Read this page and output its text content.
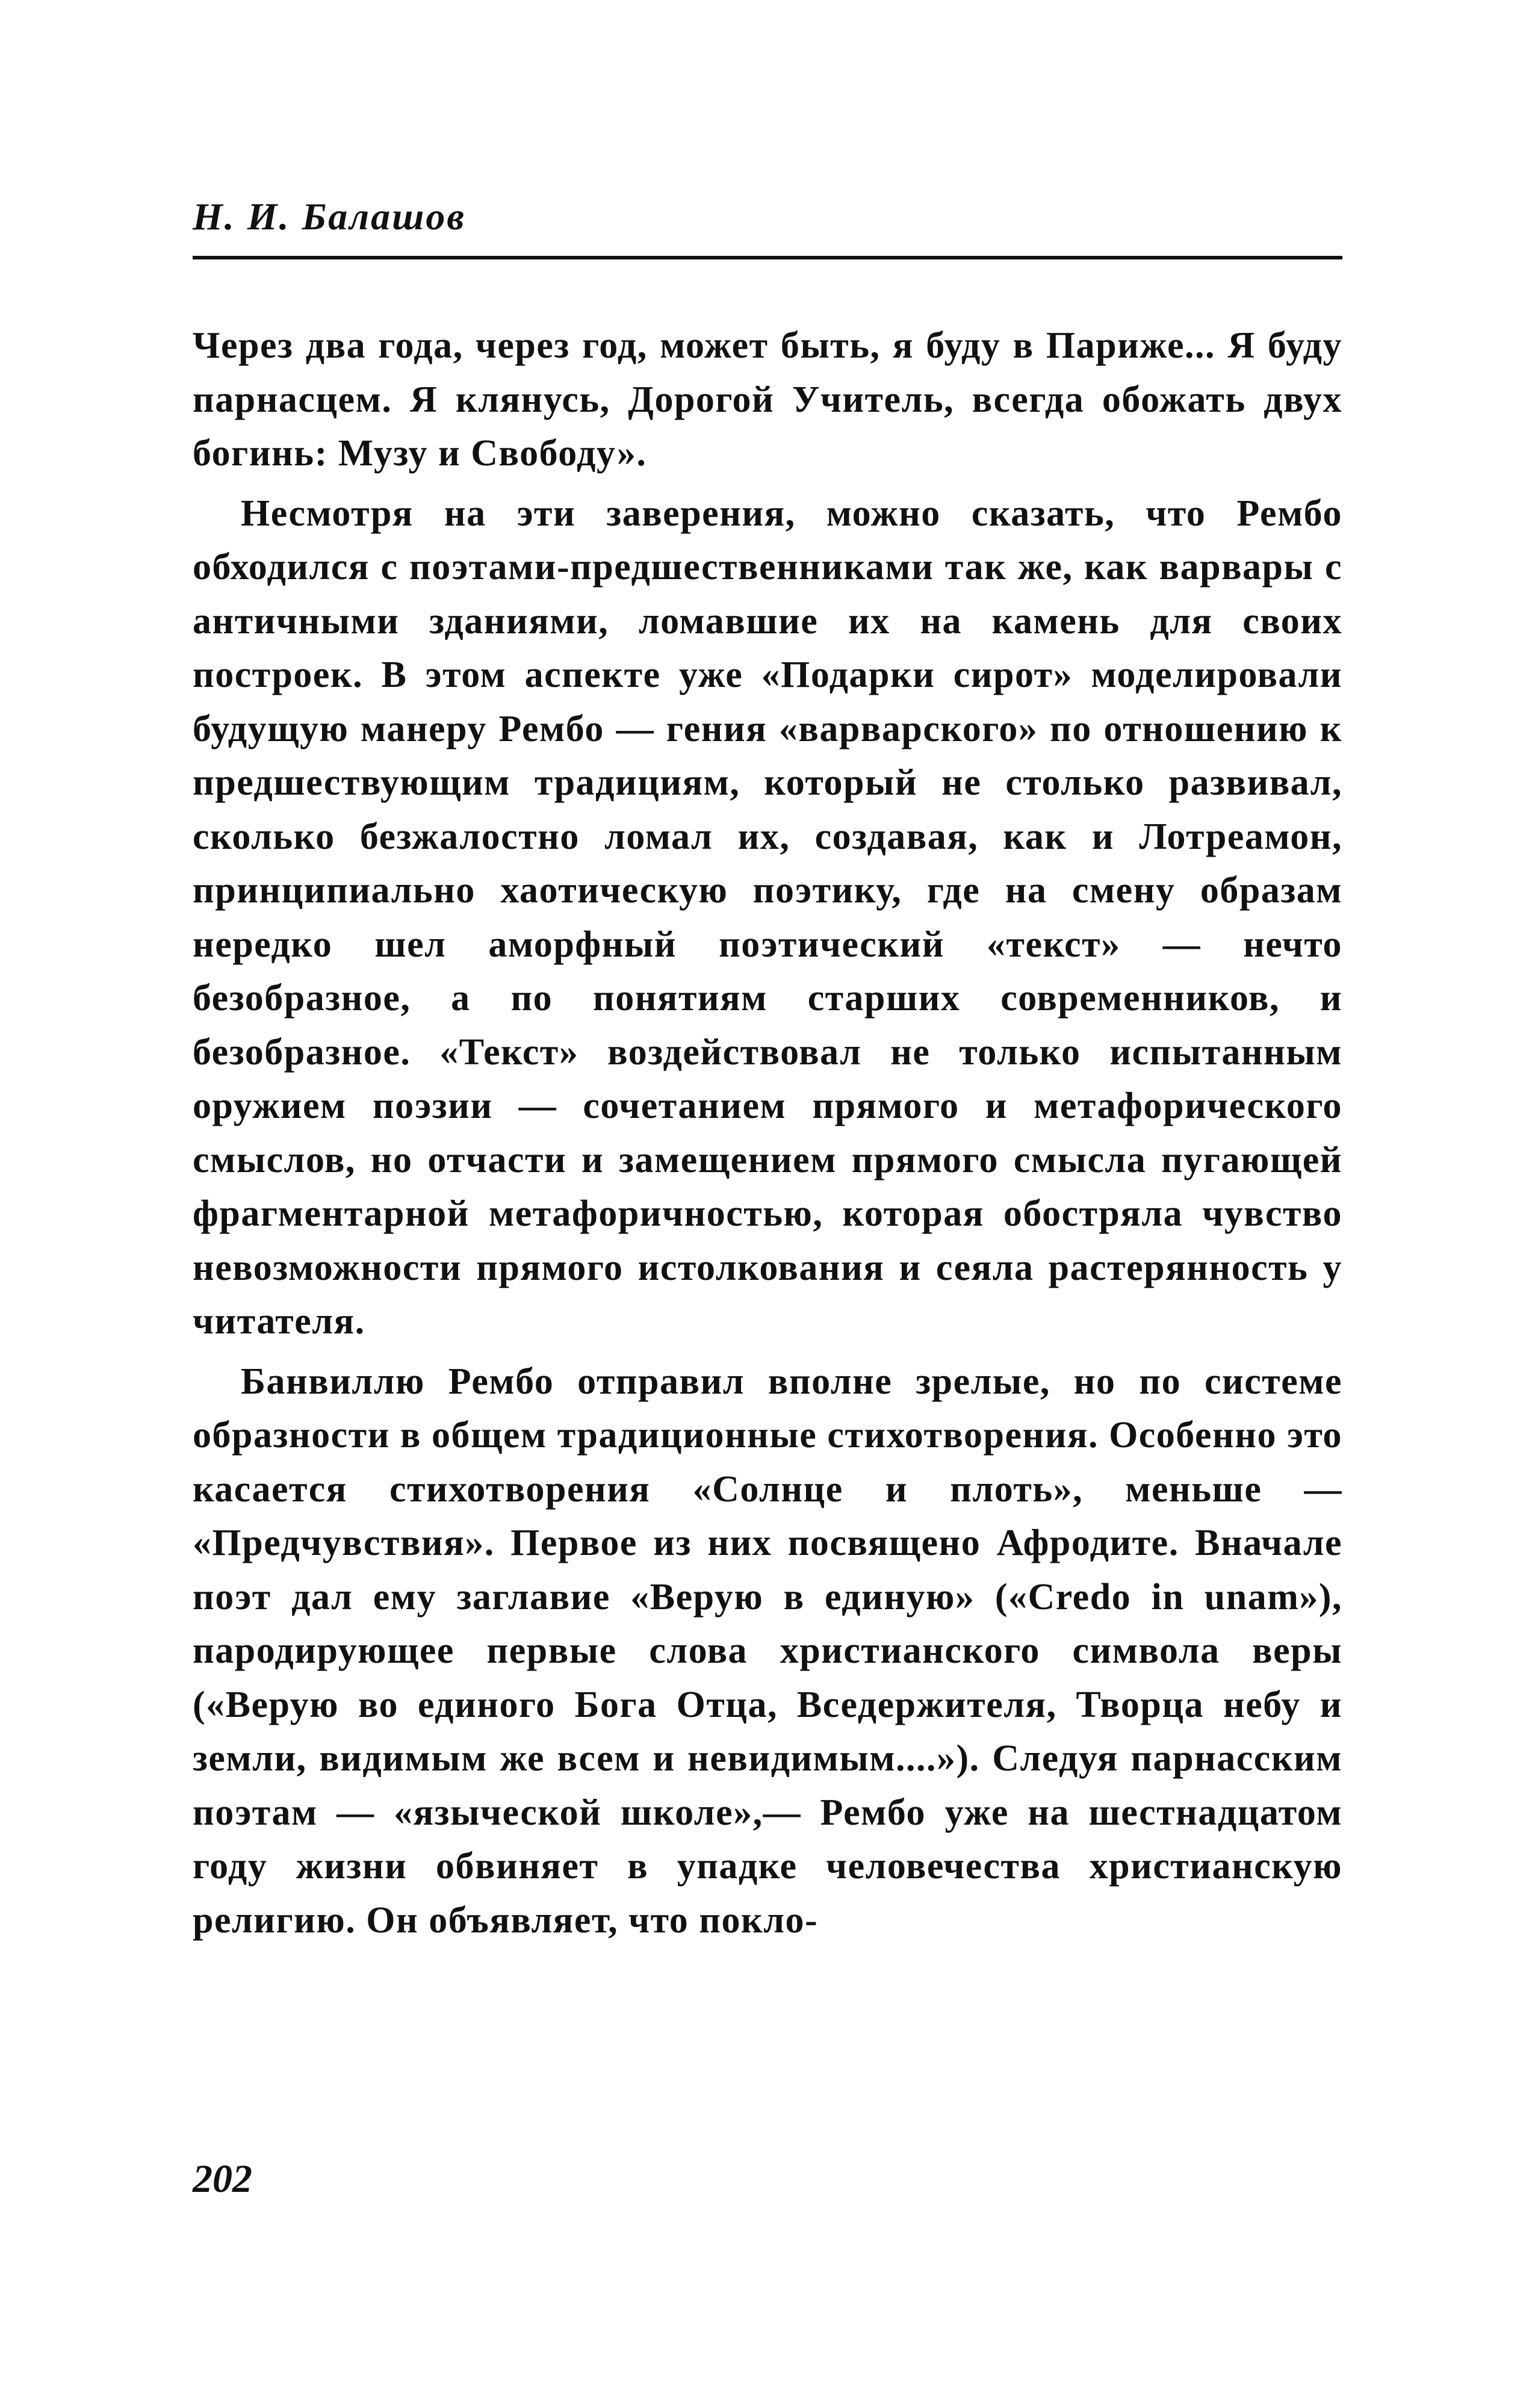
Н. И. Балашов

Через два года, через год, может быть, я буду в Париже... Я буду парнасцем. Я клянусь, Дорогой Учитель, всегда обожать двух богинь: Музу и Свободу».

Несмотря на эти заверения, можно сказать, что Рембо обходился с поэтами-предшественниками так же, как варвары с античными зданиями, ломавшие их на камень для своих построек. В этом аспекте уже «Подарки сирот» моделировали будущую манеру Рембо — гения «варварского» по отношению к предшествующим традициям, который не столько развивал, сколько безжалостно ломал их, создавая, как и Лотреамон, принципиально хаотическую поэтику, где на смену образам нередко шел аморфный поэтический «текст» — нечто безобразное, а по понятиям старших современников, и безобразное. «Текст» воздействовал не только испытанным оружием поэзии — сочетанием прямого и метафорического смыслов, но отчасти и замещением прямого смысла пугающей фрагментарной метафоричностью, которая обостряла чувство невозможности прямого истолкования и сеяла растерянность у читателя.

Банвиллю Рембо отправил вполне зрелые, но по системе образности в общем традиционные стихотворения. Особенно это касается стихотворения «Солнце и плоть», меньше — «Предчувствия». Первое из них посвящено Афродите. Вначале поэт дал ему заглавие «Верую в единую» («Credo in unam»), пародирующее первые слова христианского символа веры («Верую во единого Бога Отца, Вседержителя, Творца небу и земли, видимым же всем и невидимым....»). Следуя парнасским поэтам — «языческой школе»,— Рембо уже на шестнадцатом году жизни обвиняет в упадке человечества христианскую религию. Он объявляет, что покло-

202
